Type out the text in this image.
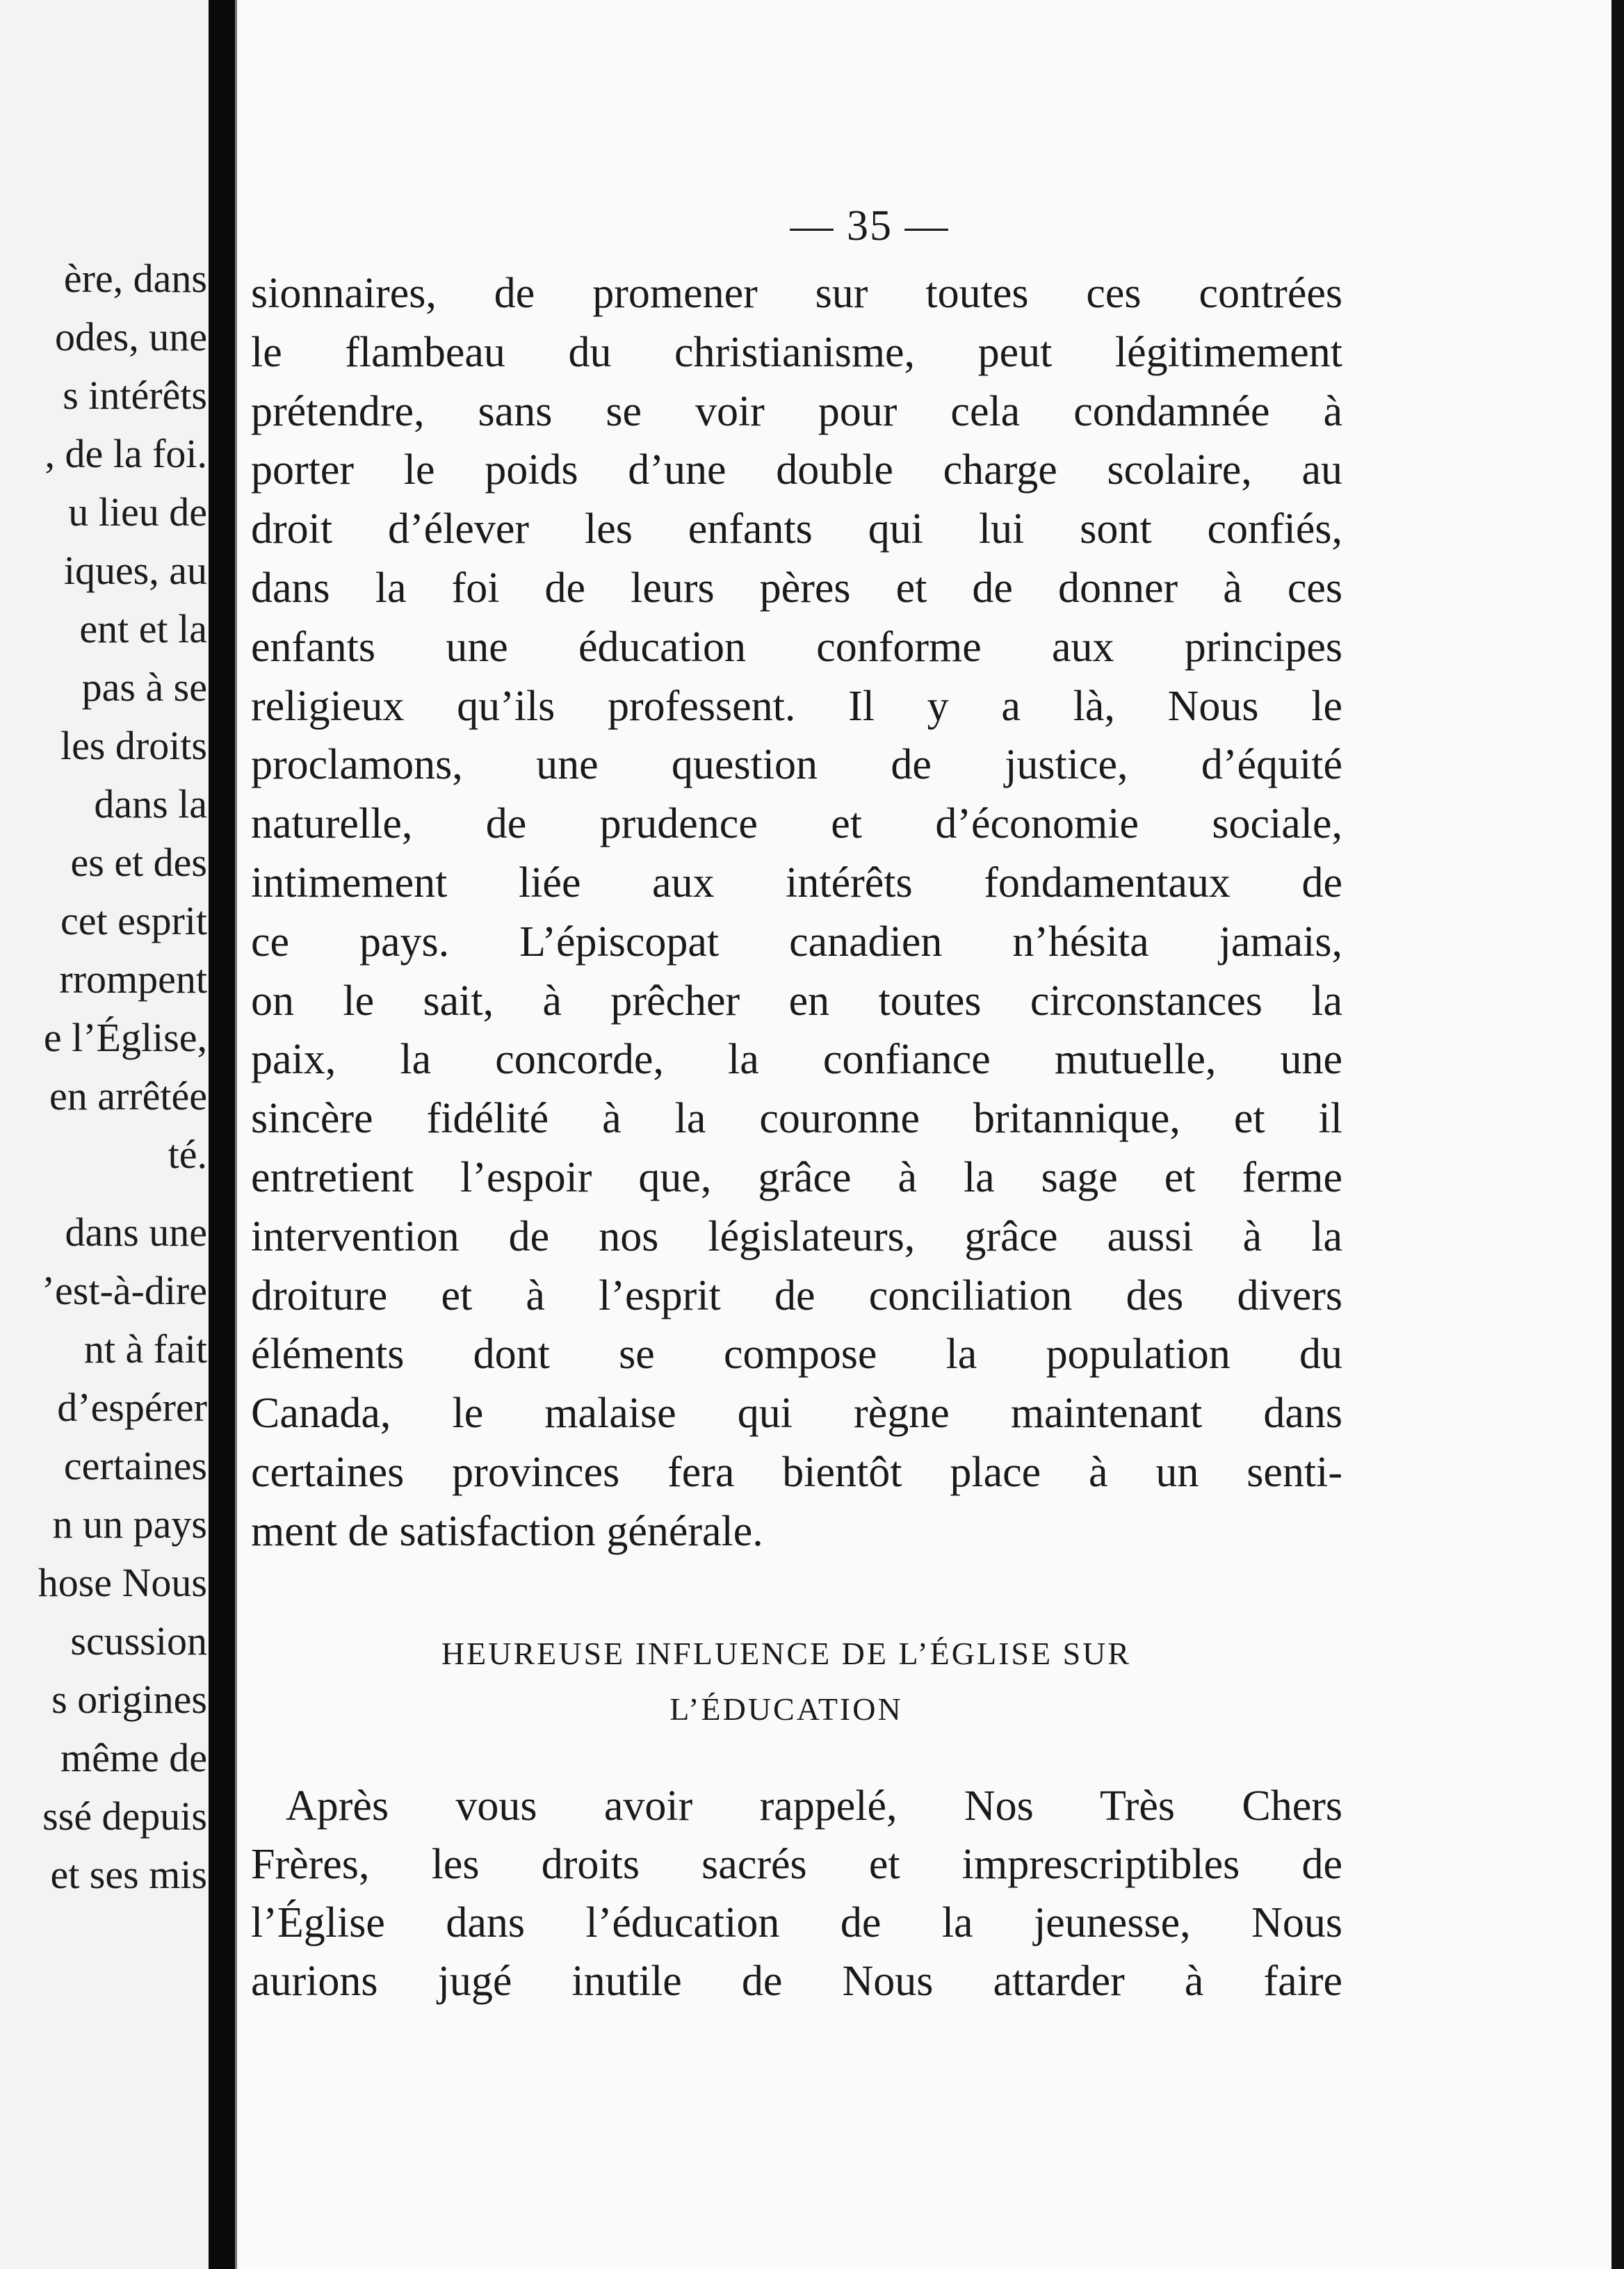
ère, dans
odes, une
s intérêts
, de la foi.
u lieu de
iques, au
ent et la
pas à se
les droits
dans la
es et des
cet esprit
rrompent
e l’Église,
en arrêtée
té.
dans une
’est-à-dire
nt à fait
d’espérer
certaines
n un pays
hose Nous
scussion
s origines
même de
ssé depuis
et ses mis
— 35 —
sionnaires, de promener sur toutes ces contrées
le flambeau du christianisme, peut légitimement
prétendre, sans se voir pour cela condamnée à
porter le poids d’une double charge scolaire, au
droit d’élever les enfants qui lui sont confiés,
dans la foi de leurs pères et de donner à ces
enfants une éducation conforme aux principes
religieux qu’ils professent. Il y a là, Nous le
proclamons, une question de justice, d’équité
naturelle, de prudence et d’économie sociale,
intimement liée aux intérêts fondamentaux de
ce pays. L’épiscopat canadien n’hésita jamais,
on le sait, à prêcher en toutes circonstances la
paix, la concorde, la confiance mutuelle, une
sincère fidélité à la couronne britannique, et il
entretient l’espoir que, grâce à la sage et ferme
intervention de nos législateurs, grâce aussi à la
droiture et à l’esprit de conciliation des divers
éléments dont se compose la population du
Canada, le malaise qui règne maintenant dans
certaines provinces fera bientôt place à un senti-
ment de satisfaction générale.
HEUREUSE INFLUENCE DE L’ÉGLISE SUR
L’ÉDUCATION
Après vous avoir rappelé, Nos Très Chers
Frères, les droits sacrés et imprescriptibles de
l’Église dans l’éducation de la jeunesse, Nous
aurions jugé inutile de Nous attarder à faire
